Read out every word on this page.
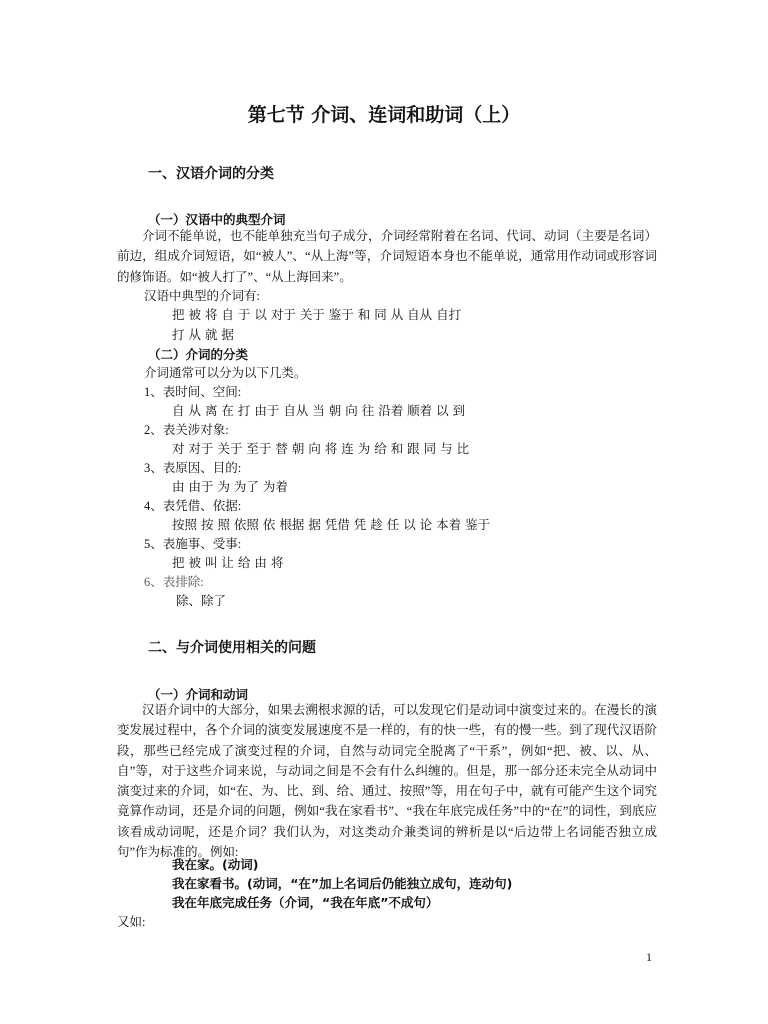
第七节 介词、连词和助词（上）
一、汉语介词的分类
（一）汉语中的典型介词
介词不能单说，也不能单独充当句子成分，介词经常附着在名词、代词、动词（主要是名词）前边，组成介词短语，如“被人”、“从上海”等，介词短语本身也不能单说，通常用作动词或形容词的修饰语。如“被人打了”、“从上海回来”。
汉语中典型的介词有:
把 被 将 自 于 以 对于 关于 鉴于 和 同 从 自从 自打
打 从 就 据
（二）介词的分类
介词通常可以分为以下几类。
1、表时间、空间:
自 从 离 在 打 由于 自从 当 朝 向 往 沿着 顺着 以 到
2、表关涉对象:
对 对于 关于 至于 替 朝 向 将 连 为 给 和 跟 同 与 比
3、表原因、目的:
由 由于 为 为了 为着
4、表凭借、依据:
按照 按 照 依照 依 根据 据 凭借 凭 趁 任 以 论 本着 鉴于
5、表施事、受事:
把 被 叫 让 给 由 将
6、表排除:
除、除了
二、与介词使用相关的问题
（一）介词和动词
汉语介词中的大部分，如果去溯根求源的话，可以发现它们是动词中演变过来的。在漫长的演变发展过程中，各个介词的演变发展速度不是一样的，有的快一些，有的慢一些。到了现代汉语阶段，那些已经完成了演变过程的介词，自然与动词完全脱离了“干系”，例如“把、被、以、从、自”等，对于这些介词来说，与动词之间是不会有什么纠缠的。但是，那一部分还未完全从动词中演变过来的介词，如“在、为、比、到、给、通过、按照”等，用在句子中，就有可能产生这个词究竟算作动词，还是介词的问题，例如“我在家看书”、“我在年底完成任务”中的“在”的词性，到底应该看成动词呢，还是介词？我们认为，对这类动介兼类词的辨析是以“后边带上名词能否独立成句”作为标准的。例如:
我在家。(动词)
我在家看书。(动词，“在”加上名词后仍能独立成句，连动句)
我在年底完成任务（介词，“我在年底”不成句）
又如:
1
